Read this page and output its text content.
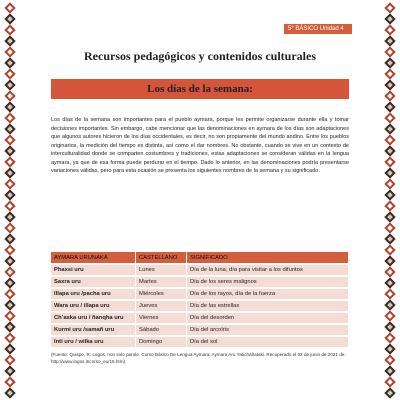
5° BÁSICO Unidad 4
Recursos pedagógicos y contenidos culturales
Los días de la semana:

Los días de la semana son importantes para el pueblo aymara, porque les permite organizarse durante ella y tomar decisiones importantes. Sin embargo, cabe mencionar que las denominaciones en aymara de los días son adaptaciones que algunos autores hicieron de los días occidentales, es decir, no son propiamente del mundo andino. Entre los pueblos originarios, la medición del tiempo es distinta, así como el dar nombres. No obstante, cuando se vive en un contexto de interculturalidad donde se comparten costumbres y tradiciones, estas adaptaciones se consideran válidas en la lengua aymara, ya que de esa forma puede perdurar en el tiempo. Dado lo anterior, en las denominaciones podría presentarse variaciones válidas, pero para esta ocasión se presenta los siguientes nombres de la semana y su significado.

AYMARA URUNAKA	CASTELLANO	SIGNIFICADO
Phaxsi uru	Lunes	Día de la luna, día para visitar a los difuntos
Saxra uru	Martes	Día de los seres malignos
Illapa uru /pacha uru	Miércoles	Día de los rayos, día de la fuerza
Wara uru / illapa uru	Jueves	Día de las estrellas
Ch’aska uru / ñanqha uru	Viernes	Día del desorden
Kurmi uru /samañ uru	Sábado	Día del arcoíris
Inti uru / wilka uru	Domingo	Día del sol

(Fuente: Quispe, R. Logos, non solo parole. Curso Básico De Lengua Aymara: Aymara Aru Yatichäñataki. Recuperado el 02 de junio de 2021 de: http://www.logos.it/corso_eu/15.htm).
